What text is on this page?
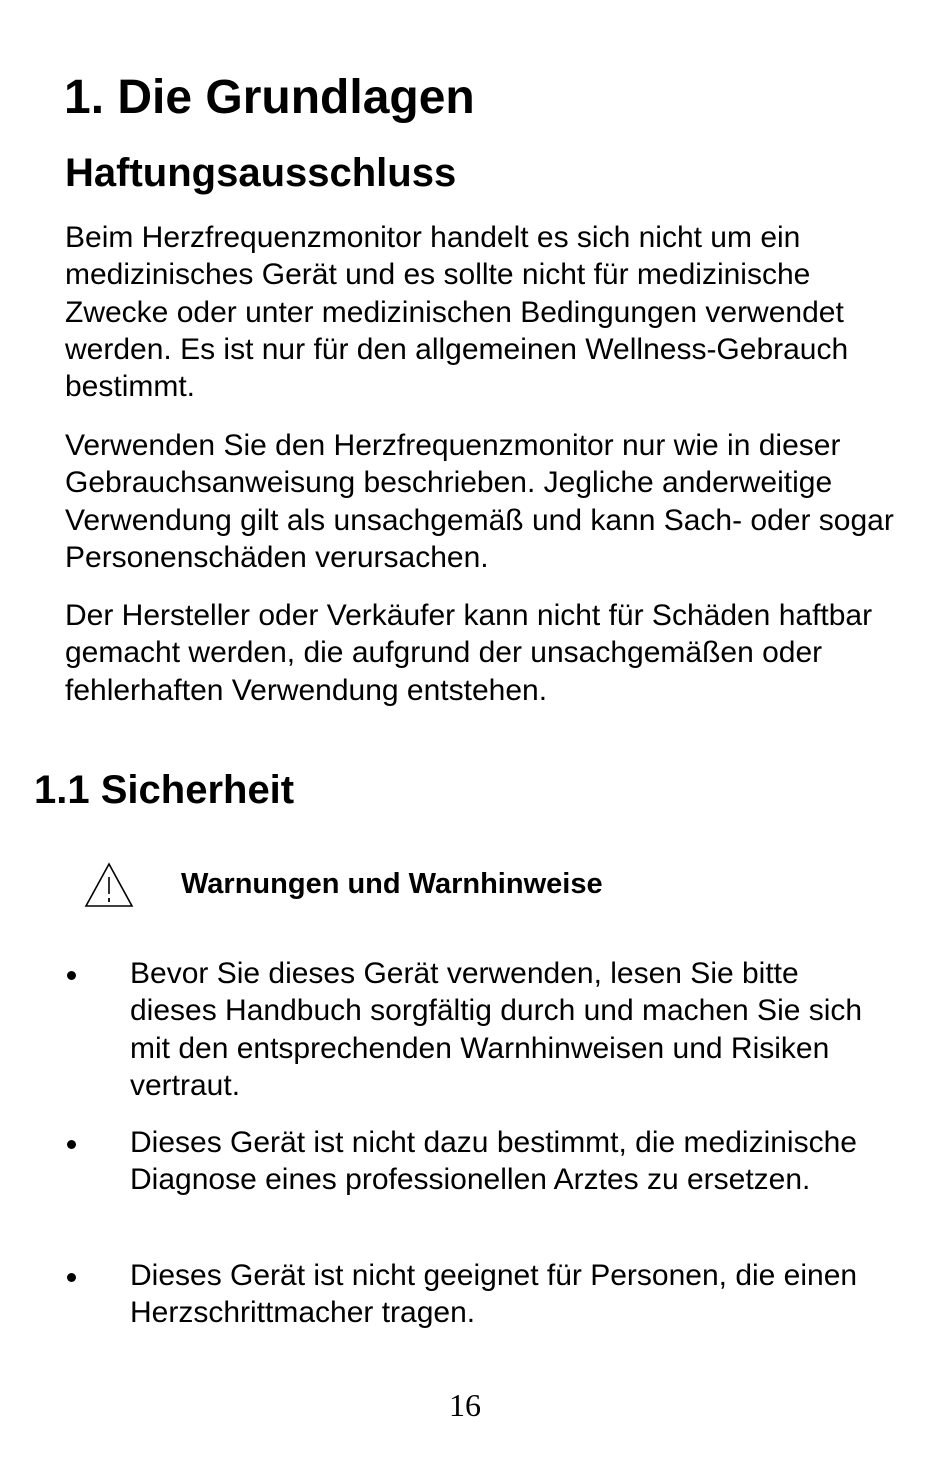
1. Die Grundlagen
Haftungsausschluss

Beim Herzfrequenzmonitor handelt es sich nicht um ein medizinisches Gerät und es sollte nicht für medizinische Zwecke oder unter medizinischen Bedingungen verwendet werden. Es ist nur für den allgemeinen Wellness-Gebrauch bestimmt.

Verwenden Sie den Herzfrequenzmonitor nur wie in dieser Gebrauchsanweisung beschrieben. Jegliche anderweitige Verwendung gilt als unsachgemäß und kann Sach- oder sogar Personenschäden verursachen.

Der Hersteller oder Verkäufer kann nicht für Schäden haftbar gemacht werden, die aufgrund der unsachgemäßen oder fehlerhaften Verwendung entstehen.

1.1 Sicherheit
Warnungen und Warnhinweise

Bevor Sie dieses Gerät verwenden, lesen Sie bitte dieses Handbuch sorgfältig durch und machen Sie sich mit den entsprechenden Warnhinweisen und Risiken vertraut.

Dieses Gerät ist nicht dazu bestimmt, die medizinische Diagnose eines professionellen Arztes zu ersetzen.

Dieses Gerät ist nicht geeignet für Personen, die einen Herzschrittmacher tragen.

16
